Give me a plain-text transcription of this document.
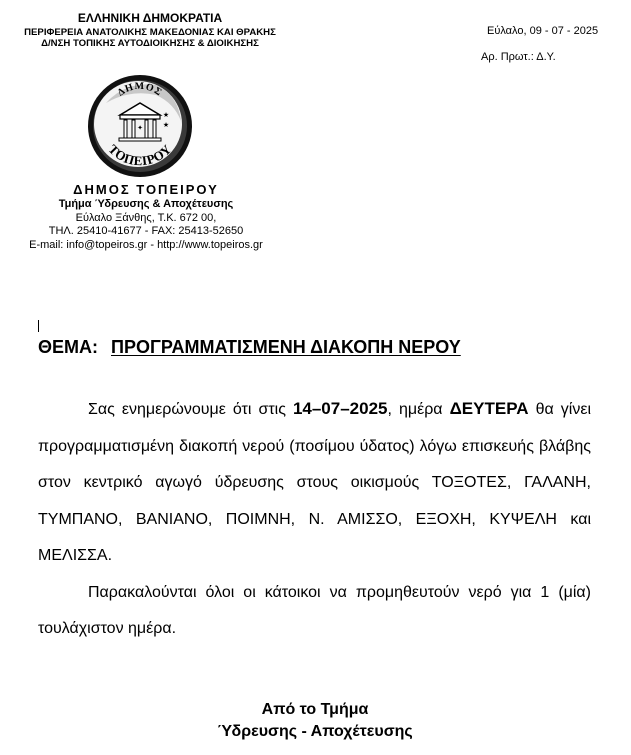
ΕΛΛΗΝΙΚΗ ΔΗΜΟΚΡΑΤΙΑ
ΠΕΡΙΦΕΡΕΙΑ ΑΝΑΤΟΛΙΚΗΣ ΜΑΚΕΔΟΝΙΑΣ ΚΑΙ ΘΡΑΚΗΣ
Δ/ΝΣΗ ΤΟΠΙΚΗΣ ΑΥΤΟΔΙΟΙΚΗΣΗΣ & ΔΙΟΙΚΗΣΗΣ
Εύλαλο, 09 - 07 - 2025
Αρ. Πρωτ.: Δ.Υ.
ΔΗΜΟΣ
✦
★
★
ΤΟΠΕΙΡΟΥ
ΔΗΜΟΣ ΤΟΠΕΙΡΟΥ
Τμήμα Ύδρευσης & Αποχέτευσης
Εύλαλο Ξάνθης, Τ.Κ. 672 00,
ΤΗΛ. 25410-41677 - FAX: 25413-52650
E-mail: info@topeiros.gr - http://www.topeiros.gr
ΘΕΜΑ: ΠΡΟΓΡΑΜΜΑΤΙΣΜΕΝΗ ΔΙΑΚΟΠΗ ΝΕΡΟΥ

Σας ενημερώνουμε ότι στις 14–07–2025, ημέρα ΔΕΥΤΕΡΑ θα γίνει προγραμματισμένη διακοπή νερού (ποσίμου ύδατος) λόγω επισκευής βλάβης στον κεντρικό αγωγό ύδρευσης στους οικισμούς ΤΟΞΟΤΕΣ, ΓΑΛΑΝΗ, ΤΥΜΠΑΝΟ, ΒΑΝΙΑΝΟ, ΠΟΙΜΝΗ, Ν. ΑΜΙΣΣΟ, ΕΞΟΧΗ, ΚΥΨΕΛΗ και ΜΕΛΙΣΣΑ.

Παρακαλούνται όλοι οι κάτοικοι να προμηθευτούν νερό για 1 (μία) τουλάχιστον ημέρα.

Από το Τμήμα
Ύδρευσης - Αποχέτευσης
